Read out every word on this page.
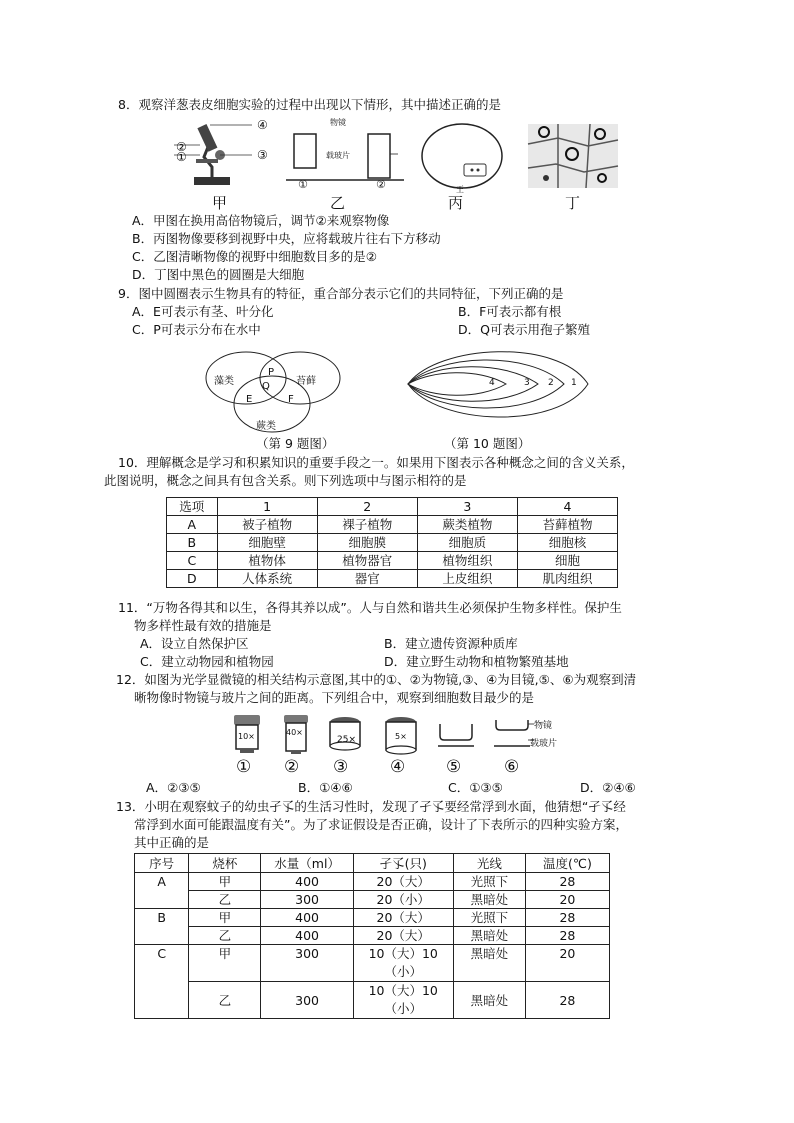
8．观察洋葱表皮细胞实验的过程中出现以下情形，其中描述正确的是
④
②
①	③
物镜
载玻片
①	②	王
甲	乙	丙	丁
A．甲图在换用高倍物镜后，调节②来观察物像
B．丙图物像要移到视野中央，应将载玻片往右下方移动
C．乙图清晰物像的视野中细胞数目多的是②
D．丁图中黑色的圆圈是大细胞
9．图中圆圈表示生物具有的特征，重合部分表示它们的共同特征，下列正确的是
A．E可表示有茎、叶分化	B．F可表示都有根
C．P可表示分布在水中	D．Q可表示用孢子繁殖
藻类	苔藓
蕨类
P
Q
E	F
4	3 2 1
（第 9 题图）	（第 10 题图）
10．理解概念是学习和积累知识的重要手段之一。如果用下图表示各种概念之间的含义关系，
此图说明，概念之间具有包含关系。则下列选项中与图示相符的是
选项	1	2	3	4
A	被子植物	裸子植物	蕨类植物	苔藓植物
B	细胞壁	细胞膜	细胞质	细胞核
C	植物体	植物器官	植物组织	细胞
D	人体系统	器官	上皮组织	肌肉组织
11．“万物各得其和以生，各得其养以成”。人与自然和谐共生必须保护生物多样性。保护生
物多样性最有效的措施是
A．设立自然保护区	B．建立遗传资源种质库
C．建立动物园和植物园	D．建立野生动物和植物繁殖基地
12．如图为光学显微镜的相关结构示意图,其中的①、②为物镜,③、④为目镜,⑤、⑥为观察到清
晰物像时物镜与玻片之间的距离。下列组合中，观察到细胞数目最少的是
10×	40×
25×	5×
物镜
载玻片
① ② ③ ④ ⑤	⑥
A．②③⑤	B．①④⑥	C．①③⑤	D．②④⑥
13．小明在观察蚊子的幼虫孑孓的生活习性时，发现了孑孓要经常浮到水面，他猜想“孑孓经
常浮到水面可能跟温度有关”。为了求证假设是否正确，设计了下表所示的四种实验方案，
其中正确的是
序号	烧杯	水量（ml）	孑孓(只)	光线	温度(℃)
A	甲	400	20（大）	光照下	28
	乙	300	20（小）	黑暗处	20
B	甲	400	20（大）	光照下	28
	乙	400	20（大）	黑暗处	28
C	甲	300	10（大）10（小）	黑暗处	20
	乙	300	10（大）10（小）	黑暗处	28
